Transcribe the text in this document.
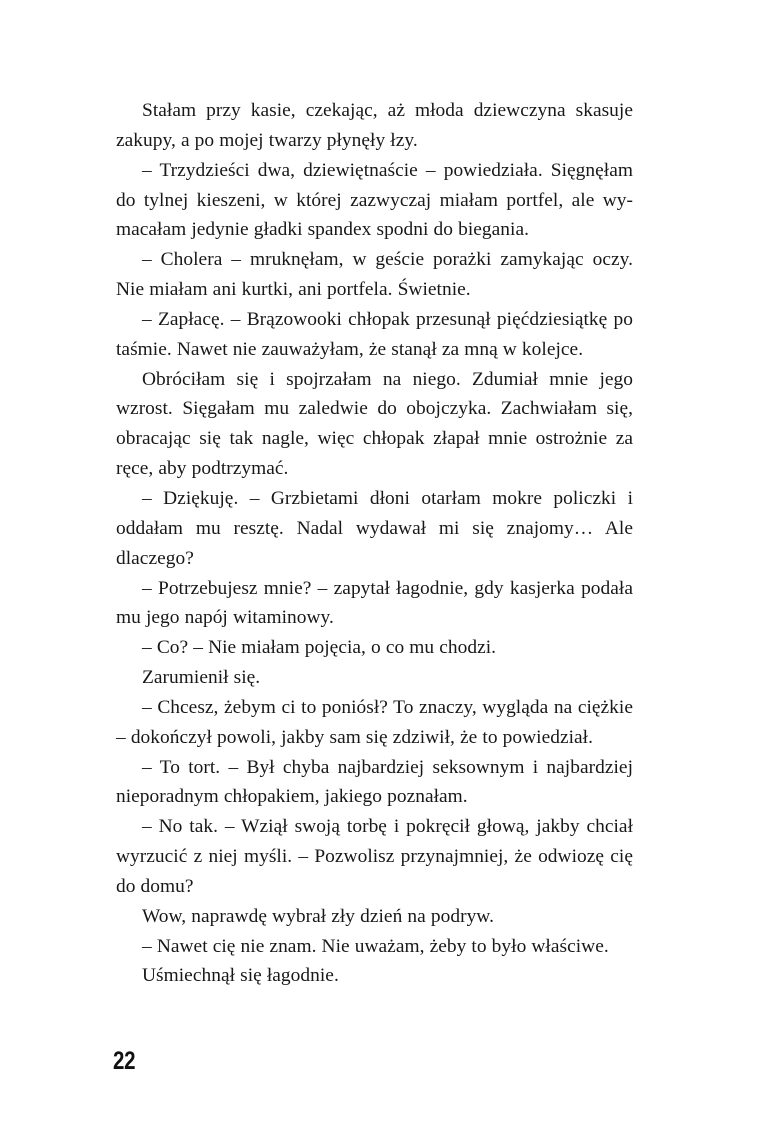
Stałam przy kasie, czekając, aż młoda dziewczyna skasuje zakupy, a po mojej twarzy płynęły łzy.

– Trzydzieści dwa, dziewiętnaście – powiedziała. Sięgnęłam do tylnej kieszeni, w której zazwyczaj miałam portfel, ale wymacałam jedynie gładki spandex spodni do biegania.

– Cholera – mruknęłam, w geście porażki zamykając oczy. Nie miałam ani kurtki, ani portfela. Świetnie.

– Zapłacę. – Brązowooki chłopak przesunął pięćdziesiątkę po taśmie. Nawet nie zauważyłam, że stanął za mną w kolejce.

Obróciłam się i spojrzałam na niego. Zdumiał mnie jego wzrost. Sięgałam mu zaledwie do obojczyka. Zachwiałam się, obracając się tak nagle, więc chłopak złapał mnie ostrożnie za ręce, aby podtrzymać.

– Dziękuję. – Grzbietami dłoni otarłam mokre policzki i oddałam mu resztę. Nadal wydawał mi się znajomy… Ale dlaczego?

– Potrzebujesz mnie? – zapytał łagodnie, gdy kasjerka podała mu jego napój witaminowy.

– Co? – Nie miałam pojęcia, o co mu chodzi.

Zarumienił się.

– Chcesz, żebym ci to poniósł? To znaczy, wygląda na ciężkie – dokończył powoli, jakby sam się zdziwił, że to powiedział.

– To tort. – Był chyba najbardziej seksownym i najbardziej nieporadnym chłopakiem, jakiego poznałam.

– No tak. – Wziął swoją torbę i pokręcił głową, jakby chciał wyrzucić z niej myśli. – Pozwolisz przynajmniej, że odwiozę cię do domu?

Wow, naprawdę wybrał zły dzień na podryw.

– Nawet cię nie znam. Nie uważam, żeby to było właściwe.

Uśmiechnął się łagodnie.

22
